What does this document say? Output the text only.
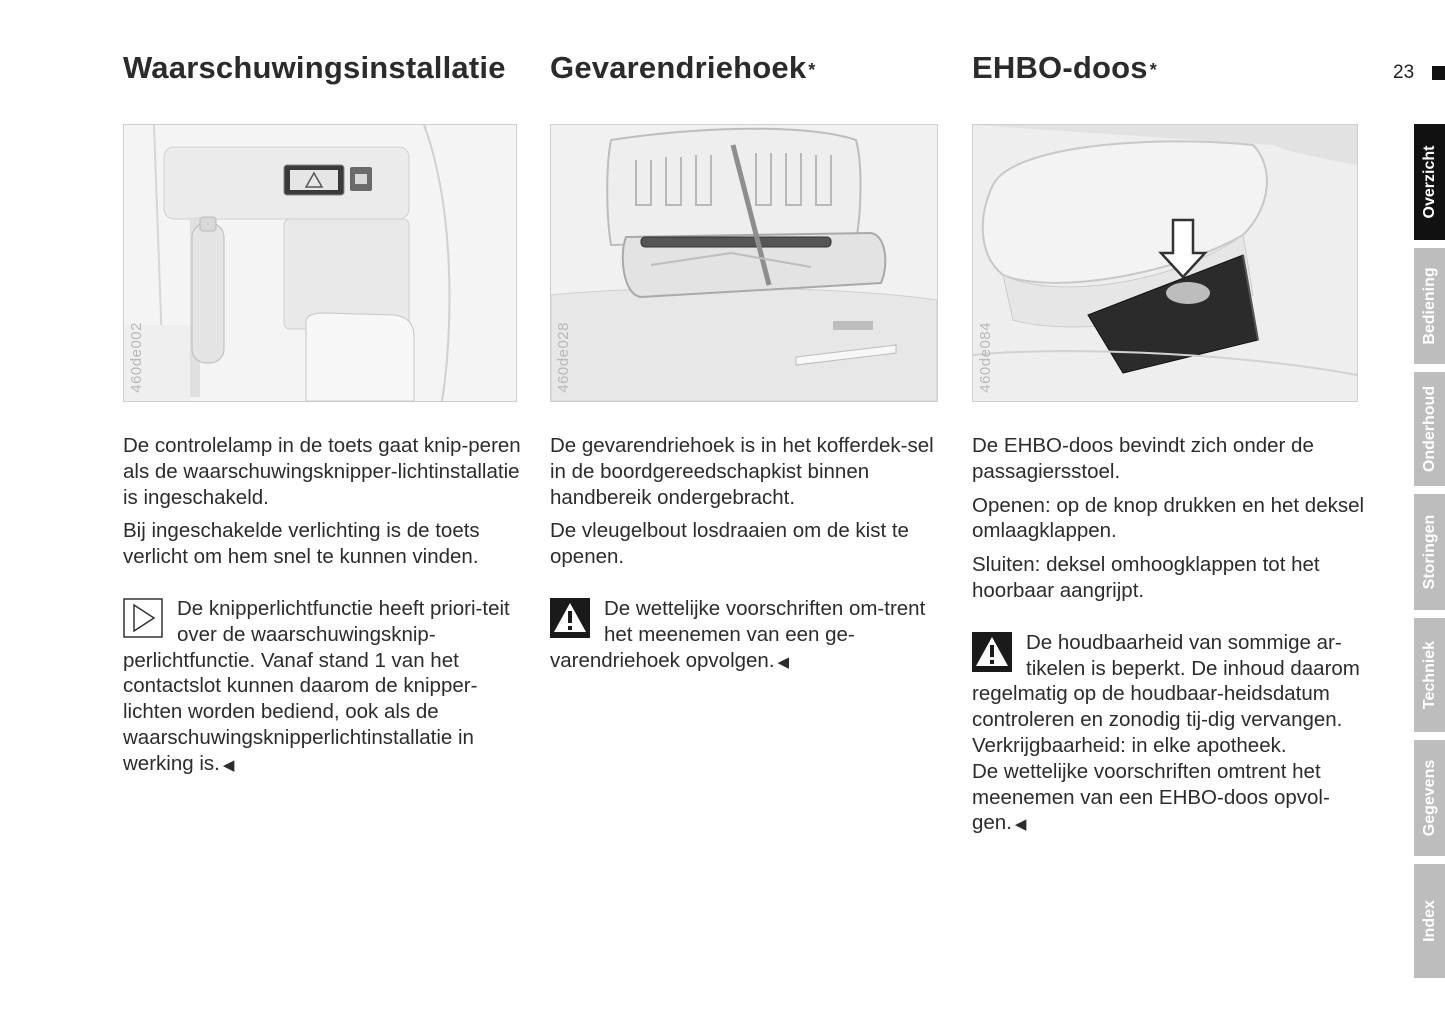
Waarschuwingsinstallatie Gevarendriehoek *	EHBO-doos *	23
460de002	460de028	460de084

De controlelamp in de toets gaat knip-peren als de waarschuwingsknipper-lichtinstallatie is ingeschakeld.

Bij ingeschakelde verlichting is de toets verlicht om hem snel te kunnen vinden.

De knipperlichtfunctie heeft priori-teit over de waarschuwingsknip-perlichtfunctie. Vanaf stand 1 van het contactslot kunnen daarom de knipper-lichten worden bediend, ook als de waarschuwingsknipperlichtinstallatie in werking is. ◀

De gevarendriehoek is in het kofferdek-sel in de boordgereedschapkist binnen handbereik ondergebracht.

De vleugelbout losdraaien om de kist te openen.

De wettelijke voorschriften om-trent het meenemen van een ge-varendriehoek opvolgen. ◀

De EHBO-doos bevindt zich onder de passagiersstoel.

Openen: op de knop drukken en het deksel omlaagklappen.

Sluiten: deksel omhoogklappen tot het hoorbaar aangrijpt.

De houdbaarheid van sommige ar-tikelen is beperkt. De inhoud daarom regelmatig op de houdbaar-heidsdatum controleren en zonodig tij-dig vervangen. Verkrijgbaarheid: in elke apotheek.

De wettelijke voorschriften omtrent het meenemen van een EHBO-doos opvol-gen. ◀

Overzicht
Bediening
Onderhoud
Storingen
Techniek
Gegevens
Index
